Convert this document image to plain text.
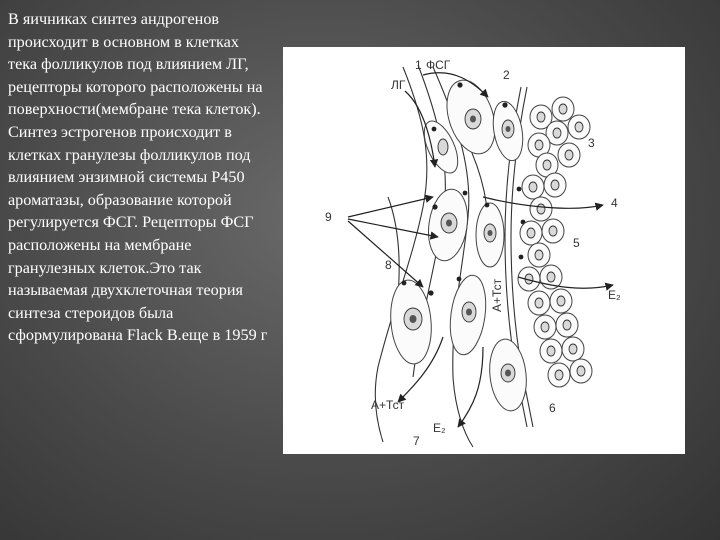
В яичниках синтез андрогенов происходит в основном в клетках тека фолликулов под влиянием ЛГ, рецепторы которого расположены на поверхности(мембране тека клеток). Синтез эстрогенов происходит в клетках гранулезы фолликулов под влиянием энзимной системы Р450 ароматазы, образование которой регулируется ФСГ. Рецепторы ФСГ расположены на мембране гранулезных клеток.Это так называемая двухклеточная теория синтеза стероидов была сформулирована Flack B.еще в 1959 г
1 ФСГ
2
ЛГ
3
4
5
9
8
E₂
А+Тст
А+Тст
E₂
6
7
